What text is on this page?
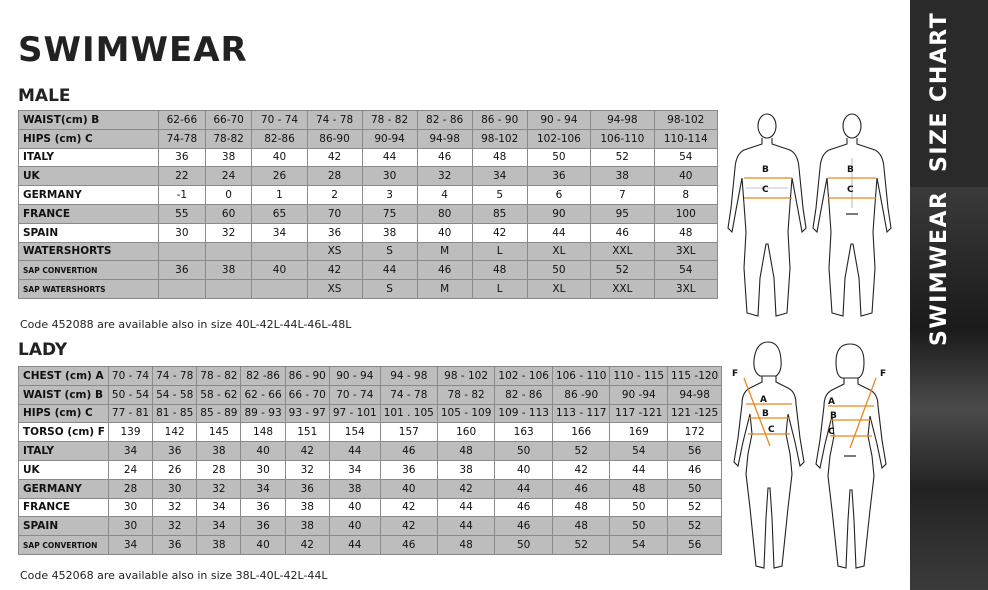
SWIMWEAR
MALE
WAIST(cm) B	62-66	66-70	70 - 74	74 - 78	78 - 82	82 - 86	86 - 90	90 - 94	94-98	98-102
HIPS (cm) C	74-78	78-82	82-86	86-90	90-94	94-98	98-102	102-106	106-110	110-114
ITALY	36	38	40	42	44	46	48	50	52	54
UK	22	24	26	28	30	32	34	36	38	40
GERMANY	-1	0	1	2	3	4	5	6	7	8
FRANCE	55	60	65	70	75	80	85	90	95	100
SPAIN	30	32	34	36	38	40	42	44	46	48
WATERSHORTS				XS	S	M	L	XL	XXL	3XL
SAP CONVERTION	36	38	40	42	44	46	48	50	52	54
SAP WATERSHORTS				XS	S	M	L	XL	XXL	3XL
Code 452088 are available also in size 40L-42L-44L-46L-48L
LADY
CHEST (cm) A	70 - 74	74 - 78	78 - 82	82 -86	86 - 90	90 - 94	94 - 98	98 - 102	102 - 106	106 - 110	110 - 115	115 -120
WAIST (cm) B	50 - 54	54 - 58	58 - 62	62 - 66	66 - 70	70 - 74	74 - 78	78 - 82	82 - 86	86 -90	90 -94	94-98
HIPS (cm) C	77 - 81	81 - 85	85 - 89	89 - 93	93 - 97	97 - 101	101 . 105	105 - 109	109 - 113	113 - 117	117 -121	121 -125
TORSO (cm) F	139	142	145	148	151	154	157	160	163	166	169	172
ITALY	34	36	38	40	42	44	46	48	50	52	54	56
UK	24	26	28	30	32	34	36	38	40	42	44	46
GERMANY	28	30	32	34	36	38	40	42	44	46	48	50
FRANCE	30	32	34	36	38	40	42	44	46	48	50	52
SPAIN	30	32	34	36	38	40	42	44	46	48	50	52
SAP CONVERTION	34	36	38	40	42	44	46	48	50	52	54	56
Code 452068 are available also in size 38L-40L-42L-44L
B
C
B
C
F
A
B
C
F
A
B
C
SIZE CHART
SWIMWEAR
